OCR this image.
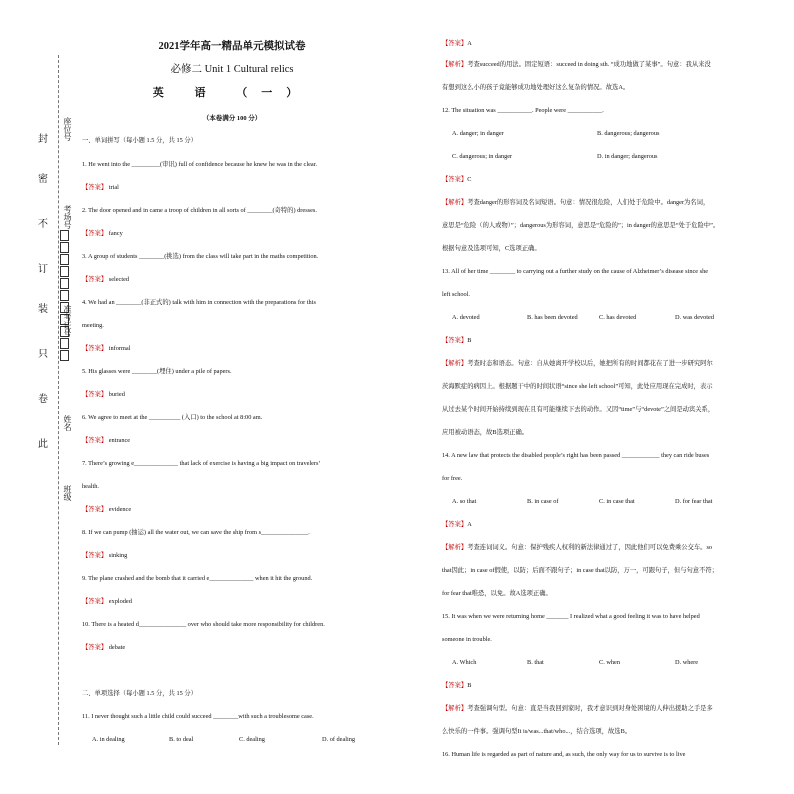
封
密
不
订
装
只
卷
此
座位号
考场号
准考证号
姓名
班级
2021学年高一精品单元模拟试卷
必修二 Unit 1 Cultural relics
英 语 （一）
（本卷满分 100 分）
一、单词拼写（每小题 1.5 分，共 15 分）
1. He went into the _________(审讯) full of confidence because he knew he was in the clear.
【答案】 trial
2. The door opened and in came a troop of children in all sorts of ________(奇特的) dresses.
【答案】 fancy
3. A group of students ________(挑选) from the class will take part in the maths competition.
【答案】 selected
4. We had an ________(非正式的) talk with him in connection with the preparations for this
meeting.
【答案】 informal
5. His glasses were ________(埋住) under a pile of papers.
【答案】 buried
6. We agree to meet at the __________ (入口) to the school at 8:00 am.
【答案】 entrance
7. There’s growing e______________ that lack of exercise is having a big impact on travelers’
health.
【答案】 evidence
8. If we can pump (抽运) all the water out, we can save the ship from s_______________.
【答案】 sinking
9. The plane crashed and the bomb that it carried e______________ when it hit the ground.
【答案】 exploded
10. There is a heated d_______________ over who should take more responsibility for children.
【答案】 debate
二、单项选择（每小题 1.5 分，共 15 分）
11. I never thought such a little child could succeed ________with such a troublesome case.
A. in dealing	B. to deal	C. dealing	D. of dealing
【答案】A
【解析】考查succeed的用法。固定短语：succeed in doing sth. “成功地做了某事”。句意：我从来没
有想到这么小的孩子竟能够成功地处理好这么复杂的情况。故选A。
12. The situation was ___________. People were ___________.
A. danger; in danger	B. dangerous; dangerous
C. dangerous; in danger	D. in danger; dangerous
【答案】C
【解析】考查danger的形容词及名词短语。句意：情况很危险，人们处于危险中。danger为名词，
意思是“危险（的人或物）”；dangerous为形容词，意思是“危险的”；in danger的意思是“处于危险中”。
根据句意及选项可知，C选项正确。
13. All of her time ________ to carrying out a further study on the cause of Alzheimer’s disease since she
left school.
A. devoted	B. has been devoted	C. has devoted	D. was devoted
【答案】B
【解析】考查时态和语态。句意：自从她离开学校以后，她把所有的时间都花在了进一步研究阿尔
茨海默症的病因上。根据题干中的时间状语“since she left school”可知，此处应用现在完成时，表示
从过去某个时间开始持续到现在且有可能继续下去的动作。又因“time”与“devote”之间是动宾关系，
应用被动语态，故B选项正确。
14. A new law that protects the disabled people’s right has been passed ____________ they can ride buses
for free.
A. so that	B. in case of	C. in case that	D. for fear that
【答案】A
【解析】考查连词词义。句意：保护残疾人权利的新法律通过了，因此他们可以免费乘公交车。so
that因此；in case of假使，以防；后面不跟句子；in case that以防，万一，可跟句子，但与句意不符；
for fear that唯恐，以免。故A选项正确。
15. It was when we were returning home _______ I realized what a good feeling it was to have helped
someone in trouble.
A. Which	B. that	C. when	D. where
【答案】B
【解析】考查强调句型。句意：直是当我回到家时，我才意识到对身处困境的人伸出援助之手是多
么快乐的一件事。强调句型It is/was...that/who...，结合选项，故选B。
16. Human life is regarded as part of nature and, as such, the only way for us to survive is to live
